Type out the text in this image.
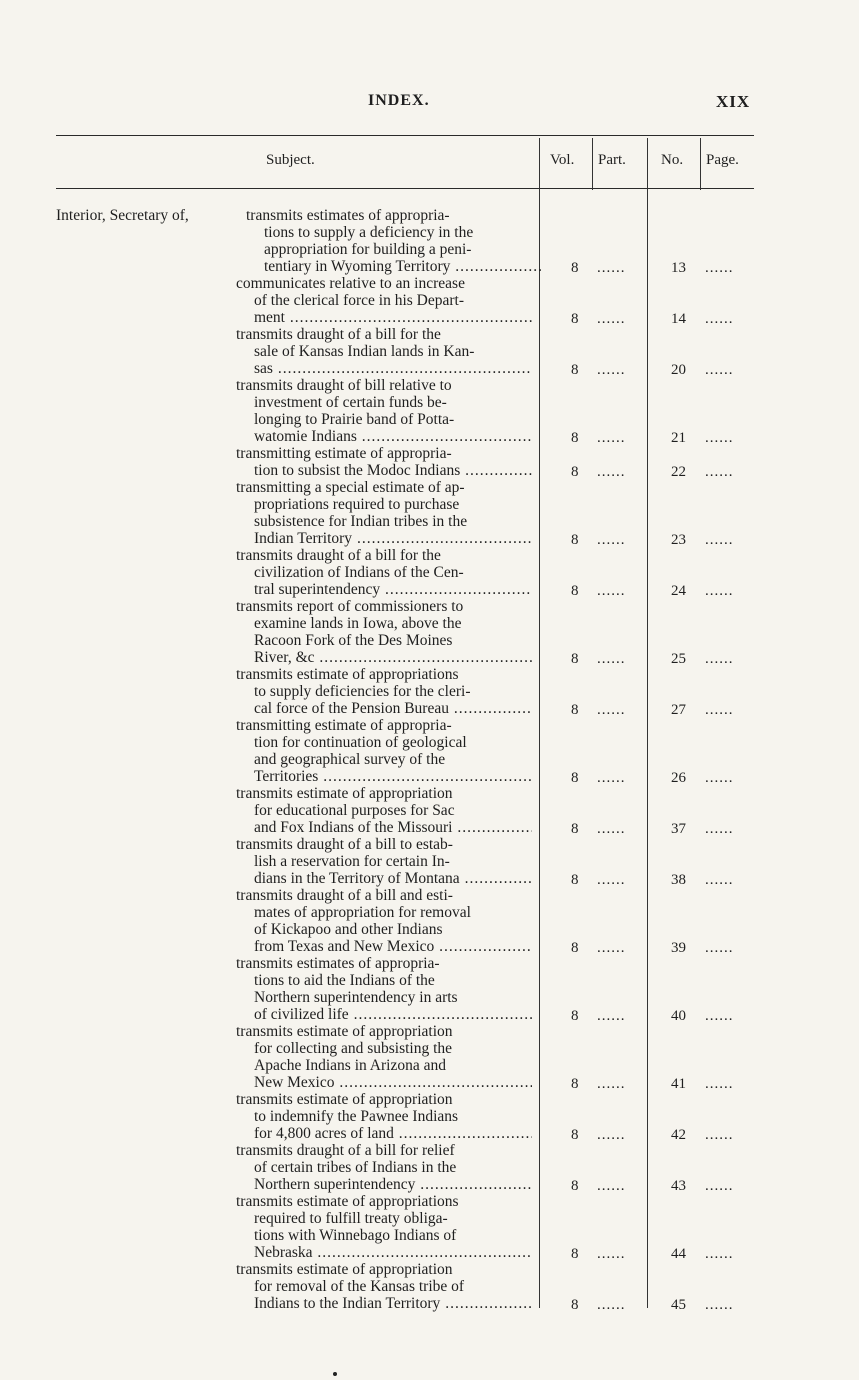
INDEX.	XIX
Subject.	Vol. Part. No. Page.
Interior, Secretary of,	transmits estimates of appropria-
tions to supply a deficiency in the
appropriation for building a peni-
tentiary in Wyoming Territory .....	8 ......	13 ......
communicates relative to an increase
of the clerical force in his Depart-
ment .....	8 ......	14 ......
transmits draught of a bill for the
sale of Kansas Indian lands in Kan-
sas .....	8 ......	20 ......
transmits draught of bill relative to
investment of certain funds be-
longing to Prairie band of Potta-
watomie Indians .....	8 ......	21 ......
transmitting estimate of appropria-
tion to subsist the Modoc Indians .....	8 ......	22 ......
transmitting a special estimate of ap-
propriations required to purchase
subsistence for Indian tribes in the
Indian Territory .....	8 ......	23 ......
transmits draught of a bill for the
civilization of Indians of the Cen-
tral superintendency .....	8 ......	24 ......
transmits report of commissioners to
examine lands in Iowa, above the
Racoon Fork of the Des Moines
River, &c .....	8 ......	25 ......
transmits estimate of appropriations
to supply deficiencies for the cleri-
cal force of the Pension Bureau .....	8 ......	27 ......
transmitting estimate of appropria-
tion for continuation of geological
and geographical survey of the
Territories .....	8 ......	26 ......
transmits estimate of appropriation
for educational purposes for Sac
and Fox Indians of the Missouri .....	8 ......	37 ......
transmits draught of a bill to estab-
lish a reservation for certain In-
dians in the Territory of Montana .....	8 ......	38 ......
transmits draught of a bill and esti-
mates of appropriation for removal
of Kickapoo and other Indians
from Texas and New Mexico .....	8 ......	39 ......
transmits estimates of appropria-
tions to aid the Indians of the
Northern superintendency in arts
of civilized life .....	8 ......	40 ......
transmits estimate of appropriation
for collecting and subsisting the
Apache Indians in Arizona and
New Mexico .....	8 ......	41 ......
transmits estimate of appropriation
to indemnify the Pawnee Indians
for 4,800 acres of land .....	8 ......	42 ......
transmits draught of a bill for relief
of certain tribes of Indians in the
Northern superintendency .....	8 ......	43 ......
transmits estimate of appropriations
required to fulfill treaty obliga-
tions with Winnebago Indians of
Nebraska .....	8 ......	44 ......
transmits estimate of appropriation
for removal of the Kansas tribe of
Indians to the Indian Territory .....	8 ......	45 ......
